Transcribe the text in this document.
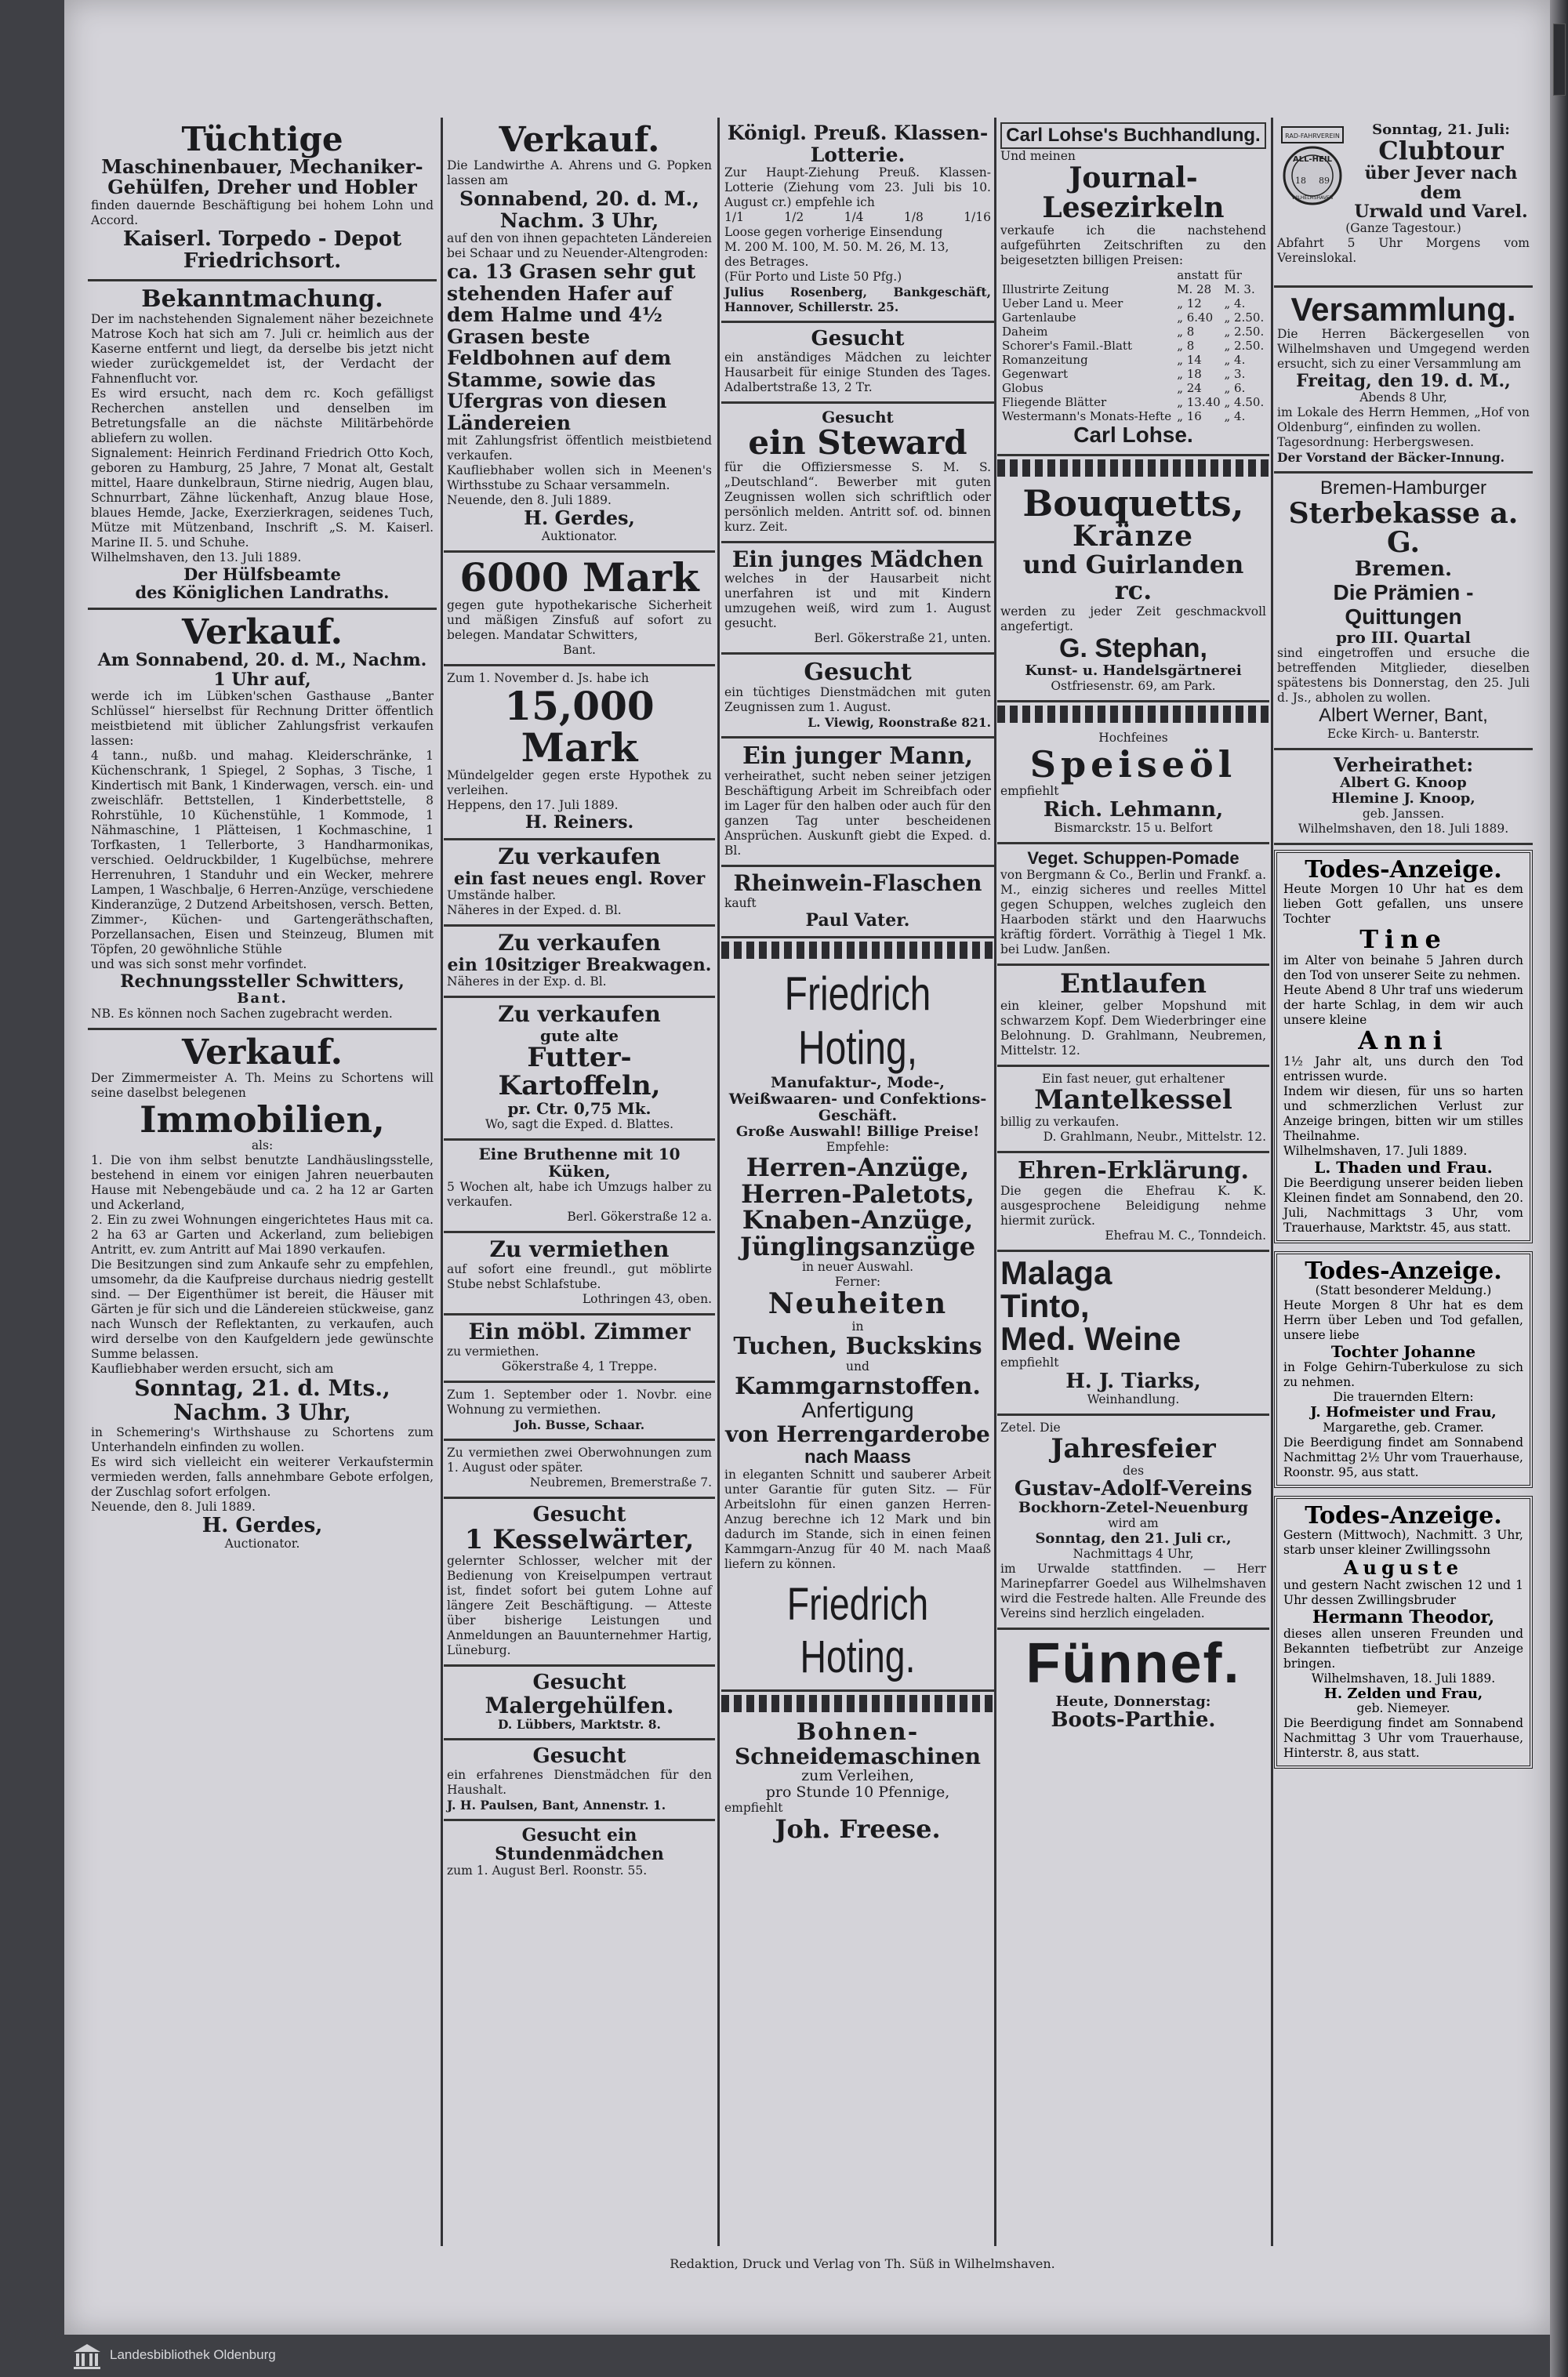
Tüchtige
Maschinenbauer, Mechaniker-
Gehülfen, Dreher und Hobler
finden dauernde Beschäftigung bei hohem Lohn und Accord.
Kaiserl. Torpedo - Depot
Friedrichsort.
Bekanntmachung.
Der im nachstehenden Signalement näher bezeichnete Matrose Koch hat sich am 7. Juli cr. heimlich aus der Kaserne entfernt und liegt, da derselbe bis jetzt nicht wieder zurückgemeldet ist, der Verdacht der Fahnenflucht vor.
Es wird ersucht, nach dem rc. Koch gefälligst Recherchen anstellen und denselben im Betretungsfalle an die nächste Militärbehörde abliefern zu wollen.
Signalement: Heinrich Ferdinand Friedrich Otto Koch, geboren zu Hamburg, 25 Jahre, 7 Monat alt, Gestalt mittel, Haare dunkelbraun, Stirne niedrig, Augen blau, Schnurrbart, Zähne lückenhaft, Anzug blaue Hose, blaues Hemde, Jacke, Exerzierkragen, seidenes Tuch, Mütze mit Mützenband, Inschrift „S. M. Kaiserl. Marine II. 5. und Schuhe.
Wilhelmshaven, den 13. Juli 1889.
Der Hülfsbeamte
des Königlichen Landraths.
Verkauf.
Am Sonnabend, 20. d. M., Nachm. 1 Uhr auf,
werde ich im Lübken'schen Gasthause „Banter Schlüssel“ hierselbst für Rechnung Dritter öffentlich meistbietend mit üblicher Zahlungsfrist verkaufen lassen:
4 tann., nußb. und mahag. Kleiderschränke, 1 Küchenschrank, 1 Spiegel, 2 Sophas, 3 Tische, 1 Kindertisch mit Bank, 1 Kinderwagen, versch. ein- und zweischläfr. Bettstellen, 1 Kinderbettstelle, 8 Rohrstühle, 10 Küchenstühle, 1 Kommode, 1 Nähmaschine, 1 Plätteisen, 1 Kochmaschine, 1 Torfkasten, 1 Tellerborte, 3 Handharmonikas, verschied. Oeldruckbilder, 1 Kugelbüchse, mehrere Herrenuhren, 1 Standuhr und ein Wecker, mehrere Lampen, 1 Waschbalje, 6 Herren-Anzüge, verschiedene Kinderanzüge, 2 Dutzend Arbeitshosen, versch. Betten, Zimmer-, Küchen- und Gartengeräthschaften, Porzellansachen, Eisen und Steinzeug, Blumen mit Töpfen, 20 gewöhnliche Stühle
und was sich sonst mehr vorfindet.
Rechnungssteller Schwitters,
Bant.
NB. Es können noch Sachen zugebracht werden.
Verkauf.
Der Zimmermeister A. Th. Meins zu Schortens will seine daselbst belegenen
Immobilien,
als:
1. Die von ihm selbst benutzte Landhäuslingsstelle, bestehend in einem vor einigen Jahren neuerbauten Hause mit Nebengebäude und ca. 2 ha 12 ar Garten und Ackerland,
2. Ein zu zwei Wohnungen eingerichtetes Haus mit ca. 2 ha 63 ar Garten und Ackerland, zum beliebigen Antritt, ev. zum Antritt auf Mai 1890 verkaufen.
Die Besitzungen sind zum Ankaufe sehr zu empfehlen, umsomehr, da die Kaufpreise durchaus niedrig gestellt sind. — Der Eigenthümer ist bereit, die Häuser mit Gärten je für sich und die Ländereien stückweise, ganz nach Wunsch der Reflektanten, zu verkaufen, auch wird derselbe von den Kaufgeldern jede gewünschte Summe belassen.
Kaufliebhaber werden ersucht, sich am
Sonntag, 21. d. Mts.,
Nachm. 3 Uhr,
in Schemering's Wirthshause zu Schortens zum Unterhandeln einfinden zu wollen.
Es wird sich vielleicht ein weiterer Verkaufstermin vermieden werden, falls annehmbare Gebote erfolgen, der Zuschlag sofort erfolgen.
Neuende, den 8. Juli 1889.
H. Gerdes,
Auctionator.
Verkauf.
Die Landwirthe A. Ahrens und G. Popken lassen am
Sonnabend, 20. d. M.,
Nachm. 3 Uhr,
auf den von ihnen gepachteten Ländereien bei Schaar und zu Neuender-Altengroden:
ca. 13 Grasen sehr gut stehenden Hafer auf dem Halme und 4½ Grasen beste Feldbohnen auf dem Stamme, sowie das Ufergras von diesen Ländereien
mit Zahlungsfrist öffentlich meistbietend verkaufen.
Kaufliebhaber wollen sich in Meenen's Wirthsstube zu Schaar versammeln.
Neuende, den 8. Juli 1889.
H. Gerdes,
Auktionator.
6000 Mark
gegen gute hypothekarische Sicherheit und mäßigen Zinsfuß auf sofort zu belegen. Mandatar Schwitters,
Bant.
Zum 1. November d. Js. habe ich
15,000 Mark
Mündelgelder gegen erste Hypothek zu verleihen.
Heppens, den 17. Juli 1889.
H. Reiners.
Zu verkaufen
ein fast neues engl. Rover
Umstände halber.
Näheres in der Exped. d. Bl.
Zu verkaufen
ein 10sitziger Breakwagen.
Näheres in der Exp. d. Bl.
Zu verkaufen
gute alte
Futter-Kartoffeln,
pr. Ctr. 0,75 Mk.
Wo, sagt die Exped. d. Blattes.
Eine Bruthenne mit 10 Küken,
5 Wochen alt, habe ich Umzugs halber zu verkaufen.
Berl. Gökerstraße 12 a.
Zu vermiethen
auf sofort eine freundl., gut möblirte Stube nebst Schlafstube.
Lothringen 43, oben.
Ein möbl. Zimmer
zu vermiethen.
Gökerstraße 4, 1 Treppe.
Zum 1. September oder 1. Novbr. eine Wohnung zu vermiethen.
Joh. Busse, Schaar.
Zu vermiethen zwei Oberwohnungen zum 1. August oder später.
Neubremen, Bremerstraße 7.
Gesucht
1 Kesselwärter,
gelernter Schlosser, welcher mit der Bedienung von Kreiselpumpen vertraut ist, findet sofort bei gutem Lohne auf längere Zeit Beschäftigung. — Atteste über bisherige Leistungen und Anmeldungen an Bauunternehmer Hartig, Lüneburg.
Gesucht
Malergehülfen.
D. Lübbers, Marktstr. 8.
Gesucht
ein erfahrenes Dienstmädchen für den Haushalt.
J. H. Paulsen, Bant, Annenstr. 1.
Gesucht ein Stundenmädchen
zum 1. August Berl. Roonstr. 55.
Königl. Preuß. Klassen-Lotterie.
Zur Haupt-Ziehung Preuß. Klassen-Lotterie (Ziehung vom 23. Juli bis 10. August cr.) empfehle ich
1/1	1/2	1/4	1/8	1/16
Loose gegen vorherige Einsendung
M. 200 M. 100, M. 50. M. 26, M. 13,
des Betrages.
(Für Porto und Liste 50 Pfg.)
Julius Rosenberg, Bankgeschäft, Hannover, Schillerstr. 25.
Gesucht
ein anständiges Mädchen zu leichter Hausarbeit für einige Stunden des Tages. Adalbertstraße 13, 2 Tr.
Gesucht
ein Steward
für die Offiziersmesse S. M. S. „Deutschland“. Bewerber mit guten Zeugnissen wollen sich schriftlich oder persönlich melden. Antritt sof. od. binnen kurz. Zeit.
Ein junges Mädchen
welches in der Hausarbeit nicht unerfahren ist und mit Kindern umzugehen weiß, wird zum 1. August gesucht.
Berl. Gökerstraße 21, unten.
Gesucht
ein tüchtiges Dienstmädchen mit guten Zeugnissen zum 1. August.
L. Viewig, Roonstraße 821.
Ein junger Mann,
verheirathet, sucht neben seiner jetzigen Beschäftigung Arbeit im Schreibfach oder im Lager für den halben oder auch für den ganzen Tag unter bescheidenen Ansprüchen. Auskunft giebt die Exped. d. Bl.
Rheinwein-Flaschen
kauft
Paul Vater.
Friedrich Hoting,
Manufaktur-, Mode-,
Weißwaaren- und Confektions-
Geschäft.
Große Auswahl! Billige Preise!
Empfehle:
Herren-Anzüge,
Herren-Paletots,
Knaben-Anzüge,
Jünglingsanzüge
in neuer Auswahl.
Ferner:
Neuheiten
in
Tuchen, Buckskins
und
Kammgarnstoffen.
Anfertigung
von Herrengarderobe
nach Maass
in eleganten Schnitt und sauberer Arbeit unter Garantie für guten Sitz. — Für Arbeitslohn für einen ganzen Herren-Anzug berechne ich 12 Mark und bin dadurch im Stande, sich in einen feinen Kammgarn-Anzug für 40 M. nach Maaß liefern zu können.
Friedrich Hoting.
Bohnen-
Schneidemaschinen
zum Verleihen,
pro Stunde 10 Pfennige,
empfiehlt
Joh. Freese.
Carl Lohse's Buchhandlung.
Und meinen
Journal-Lesezirkeln
verkaufe ich die nachstehend aufgeführten Zeitschriften zu den beigesetzten billigen Preisen:
	anstatt	für
Illustrirte Zeitung	M. 28	M. 3.
Ueber Land u. Meer	„ 12	„ 4.
Gartenlaube	„ 6.40	„ 2.50.
Daheim	„ 8	„ 2.50.
Schorer's Famil.-Blatt	„ 8	„ 2.50.
Romanzeitung	„ 14	„ 4.
Gegenwart	„ 18	„ 3.
Globus	„ 24	„ 6.
Fliegende Blätter	„ 13.40	„ 4.50.
Westermann's Monats-Hefte	„ 16	„ 4.
Carl Lohse.
Bouquetts,
Kränze
und Guirlanden rc.
werden zu jeder Zeit geschmackvoll angefertigt.
G. Stephan,
Kunst- u. Handelsgärtnerei
Ostfriesenstr. 69, am Park.
Hochfeines
Speiseöl
empfiehlt
Rich. Lehmann,
Bismarckstr. 15 u. Belfort
Veget. Schuppen-Pomade
von Bergmann & Co., Berlin und Frankf. a. M., einzig sicheres und reelles Mittel gegen Schuppen, welches zugleich den Haarboden stärkt und den Haarwuchs kräftig fördert. Vorräthig à Tiegel 1 Mk. bei Ludw. Janßen.
Entlaufen
ein kleiner, gelber Mopshund mit schwarzem Kopf. Dem Wiederbringer eine Belohnung. D. Grahlmann, Neubremen, Mittelstr. 12.
Ein fast neuer, gut erhaltener
Mantelkessel
billig zu verkaufen.
D. Grahlmann, Neubr., Mittelstr. 12.
Ehren-Erklärung.
Die gegen die Ehefrau K. K. ausgesprochene Beleidigung nehme hiermit zurück.
Ehefrau M. C., Tonndeich.
Malaga
Tinto,
Med. Weine
empfiehlt
H. J. Tiarks,
Weinhandlung.
Zetel. Die
Jahresfeier
des
Gustav-Adolf-Vereins
Bockhorn-Zetel-Neuenburg
wird am
Sonntag, den 21. Juli cr.,
Nachmittags 4 Uhr,
im Urwalde stattfinden. — Herr Marinepfarrer Goedel aus Wilhelmshaven wird die Festrede halten. Alle Freunde des Vereins sind herzlich eingeladen.
Fünnef.
Heute, Donnerstag:
Boots-Parthie.
RAD-FAHRVEREIN
ALL-HEIL
18 89
WILHELMSHAVEN
Sonntag, 21. Juli:
Clubtour
über Jever nach dem
Urwald und Varel.
(Ganze Tagestour.)
Abfahrt 5 Uhr Morgens vom Vereinslokal.
Versammlung.
Die Herren Bäckergesellen von Wilhelmshaven und Umgegend werden ersucht, sich zu einer Versammlung am
Freitag, den 19. d. M.,
Abends 8 Uhr,
im Lokale des Herrn Hemmen, „Hof von Oldenburg“, einfinden zu wollen.
Tagesordnung: Herbergswesen.
Der Vorstand der Bäcker-Innung.
Bremen-Hamburger
Sterbekasse a. G.
Bremen.
Die Prämien - Quittungen
pro III. Quartal
sind eingetroffen und ersuche die betreffenden Mitglieder, dieselben spätestens bis Donnerstag, den 25. Juli d. Js., abholen zu wollen.
Albert Werner, Bant,
Ecke Kirch- u. Banterstr.
Verheirathet:
Albert G. Knoop
Hlemine J. Knoop,
geb. Janssen.
Wilhelmshaven, den 18. Juli 1889.
Todes-Anzeige.
Heute Morgen 10 Uhr hat es dem lieben Gott gefallen, uns unsere Tochter
Tine
im Alter von beinahe 5 Jahren durch den Tod von unserer Seite zu nehmen.
Heute Abend 8 Uhr traf uns wiederum der harte Schlag, in dem wir auch unsere kleine
Anni
1½ Jahr alt, uns durch den Tod entrissen wurde.
Indem wir diesen, für uns so harten und schmerzlichen Verlust zur Anzeige bringen, bitten wir um stilles Theilnahme.
Wilhelmshaven, 17. Juli 1889.
L. Thaden und Frau.
Die Beerdigung unserer beiden lieben Kleinen findet am Sonnabend, den 20. Juli, Nachmittags 3 Uhr, vom Trauerhause, Marktstr. 45, aus statt.
Todes-Anzeige.
(Statt besonderer Meldung.)
Heute Morgen 8 Uhr hat es dem Herrn über Leben und Tod gefallen, unsere liebe
Tochter Johanne
in Folge Gehirn-Tuberkulose zu sich zu nehmen.
Die trauernden Eltern:
J. Hofmeister und Frau,
Margarethe, geb. Cramer.
Die Beerdigung findet am Sonnabend Nachmittag 2½ Uhr vom Trauerhause, Roonstr. 95, aus statt.
Todes-Anzeige.
Gestern (Mittwoch), Nachmitt. 3 Uhr, starb unser kleiner Zwillingssohn
Auguste
und gestern Nacht zwischen 12 und 1 Uhr dessen Zwillingsbruder
Hermann Theodor,
dieses allen unseren Freunden und Bekannten tiefbetrübt zur Anzeige bringen.
Wilhelmshaven, 18. Juli 1889.
H. Zelden und Frau,
geb. Niemeyer.
Die Beerdigung findet am Sonnabend Nachmittag 3 Uhr vom Trauerhause, Hinterstr. 8, aus statt.
Redaktion, Druck und Verlag von Th. Süß in Wilhelmshaven.
Landesbibliothek Oldenburg
